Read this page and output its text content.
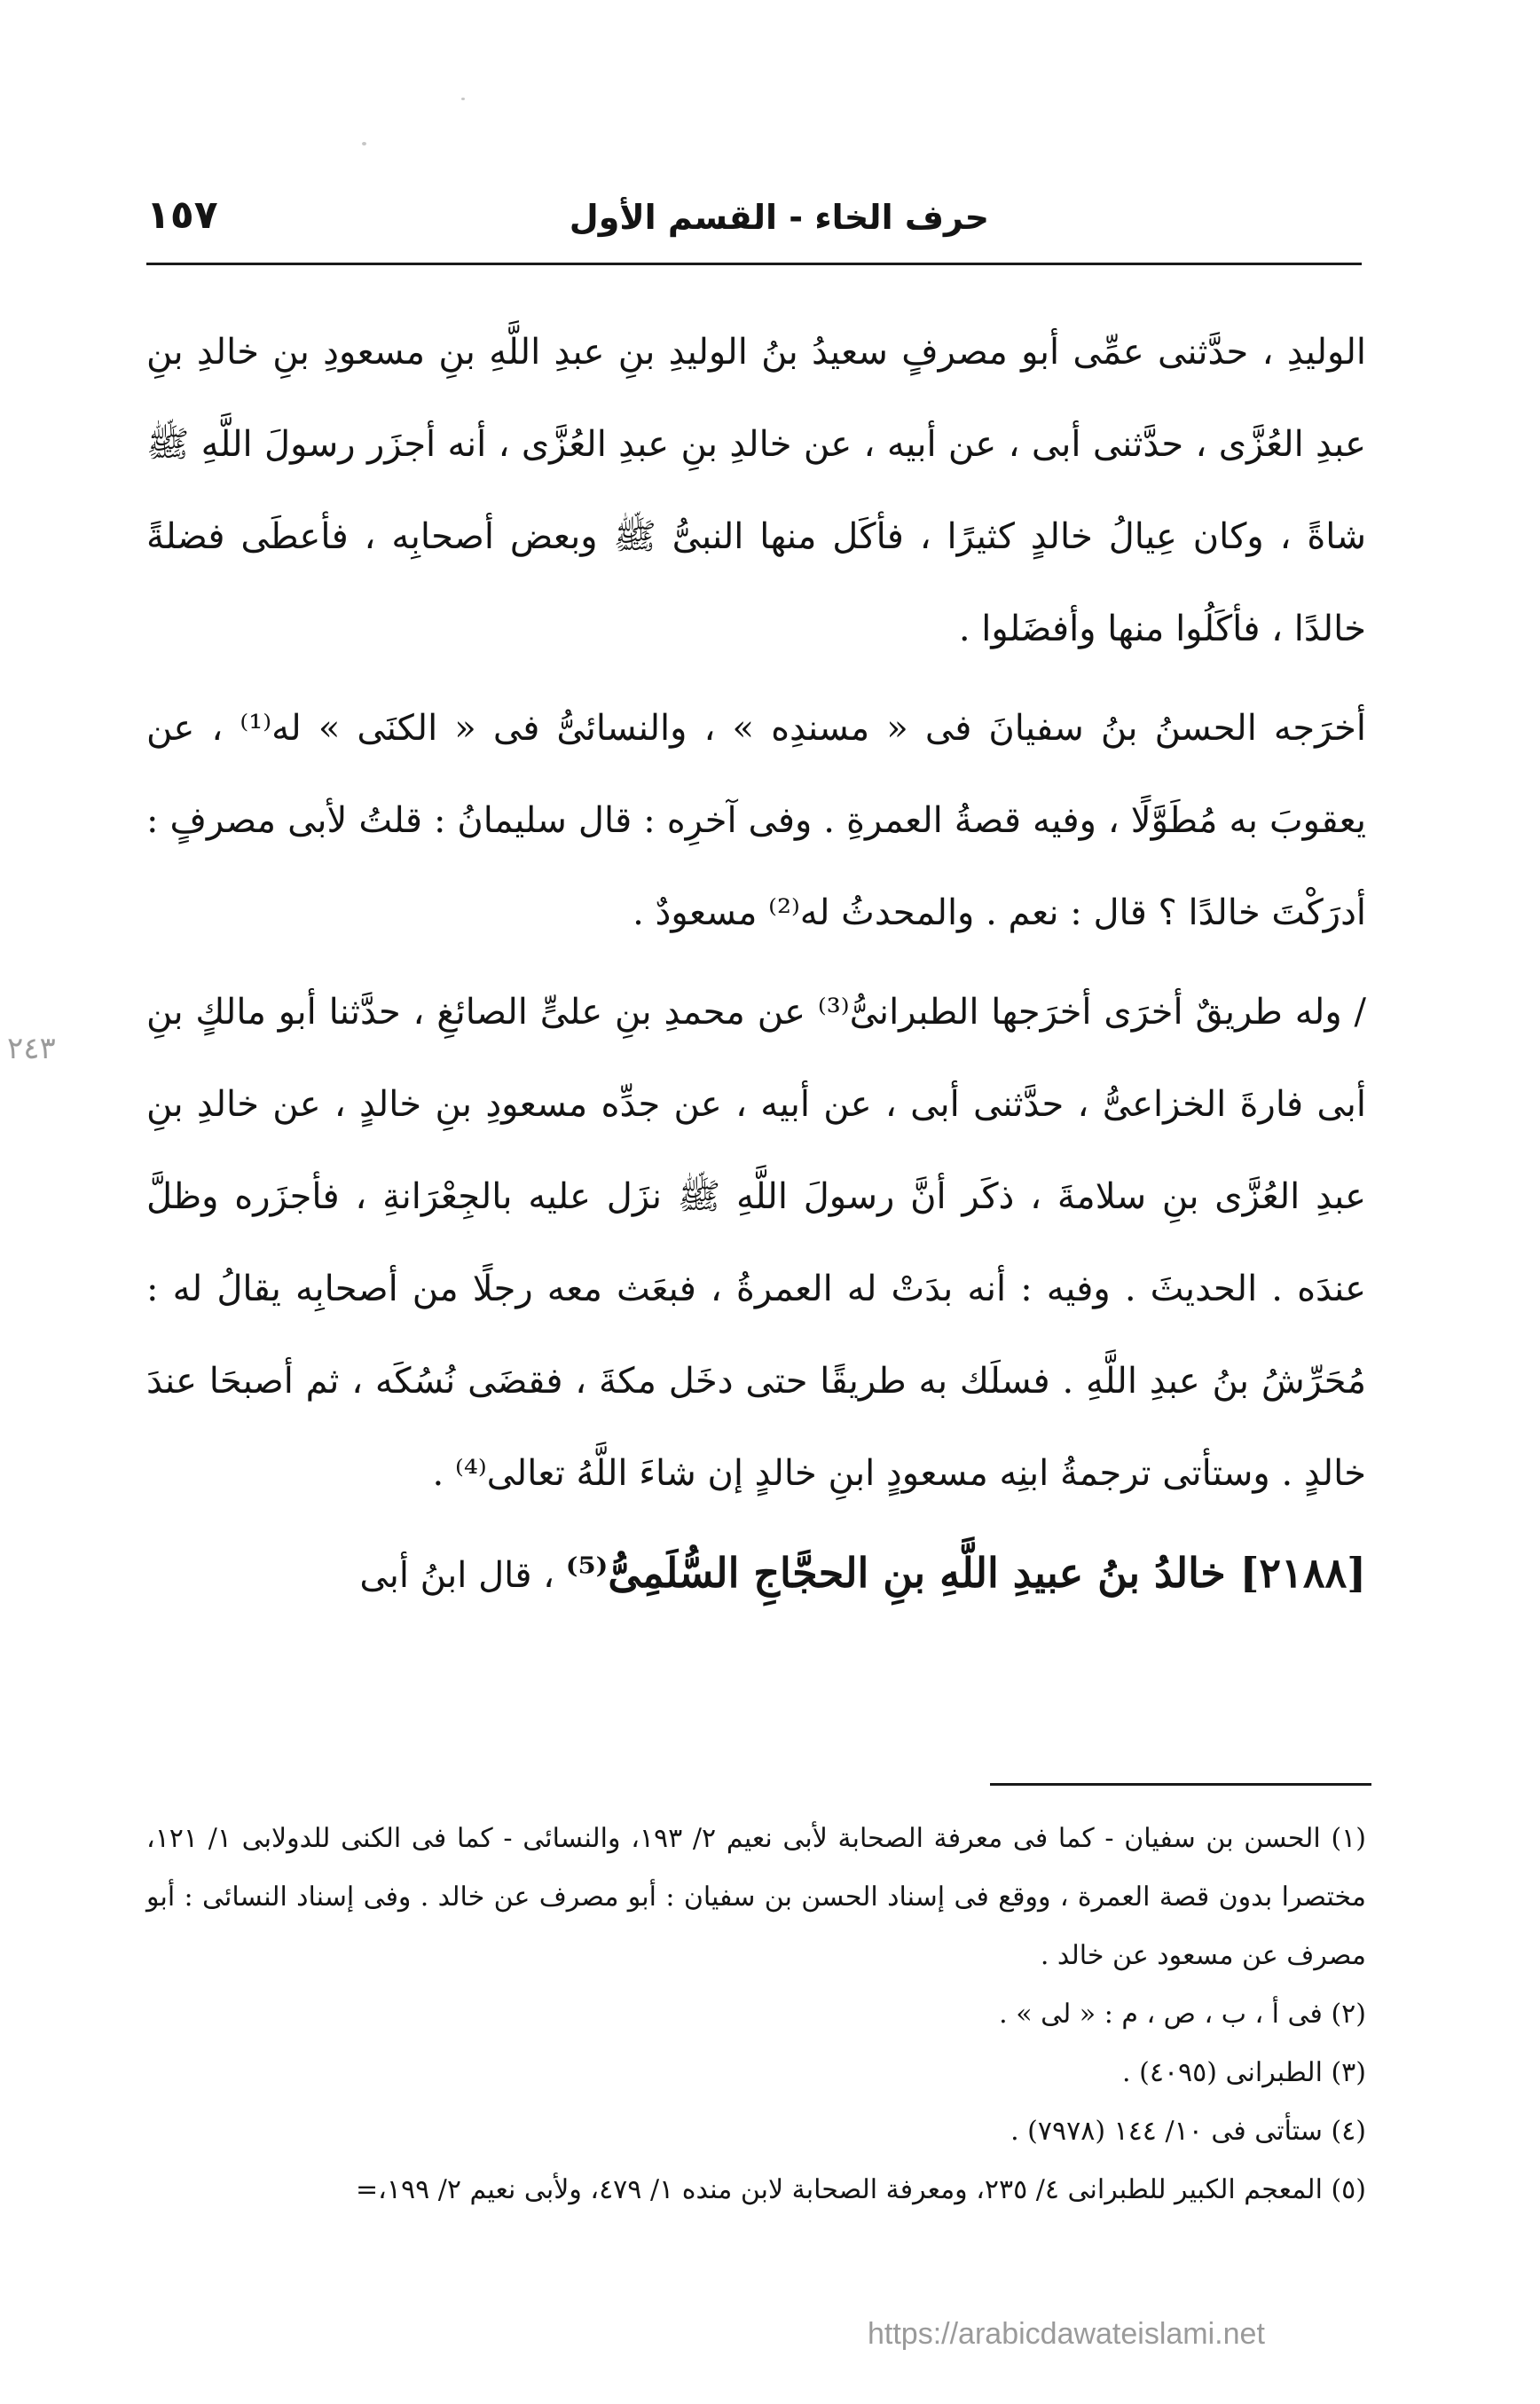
حرف الخاء - القسم الأول
١٥٧
٢٤٣

الوليدِ ، حدَّثنى عمِّى أبو مصرفٍ سعيدُ بنُ الوليدِ بنِ عبدِ اللَّهِ بنِ مسعودِ بنِ خالدِ بنِ عبدِ العُزَّى ، حدَّثنى أبى ، عن أبيه ، عن خالدِ بنِ عبدِ العُزَّى ، أنه أجزَر رسولَ اللَّهِ ﷺ شاةً ، وكان عِيالُ خالدٍ كثيرًا ، فأكَل منها النبىُّ ﷺ وبعض أصحابِه ، فأعطَى فضلةً خالدًا ، فأكَلُوا منها وأفضَلوا .

أخرَجه الحسنُ بنُ سفيانَ فى « مسندِه » ، والنسائىُّ فى « الكنَى » له⁽¹⁾ ، عن يعقوبَ به مُطَوَّلًا ، وفيه قصةُ العمرةِ . وفى آخرِه : قال سليمانُ : قلتُ لأبى مصرفٍ : أدرَكْتَ خالدًا ؟ قال : نعم . والمحدثُ له⁽²⁾ مسعودٌ .

/ وله طريقٌ أخرَى أخرَجها الطبرانىُّ⁽³⁾ عن محمدِ بنِ علىٍّ الصائغِ ، حدَّثنا أبو مالكٍ بنِ أبى فارةَ الخزاعىُّ ، حدَّثنى أبى ، عن أبيه ، عن جدِّه مسعودِ بنِ خالدٍ ، عن خالدِ بنِ عبدِ العُزَّى بنِ سلامةَ ، ذكَر أنَّ رسولَ اللَّهِ ﷺ نزَل عليه بالجِعْرَانةِ ، فأجزَره وظلَّ عندَه . الحديثَ . وفيه : أنه بدَتْ له العمرةُ ، فبعَث معه رجلًا من أصحابِه يقالُ له : مُحَرِّشُ بنُ عبدِ اللَّهِ . فسلَك به طريقًا حتى دخَل مكةَ ، فقضَى نُسُكَه ، ثم أصبحَا عندَ خالدٍ . وستأتى ترجمةُ ابنِه مسعودٍ ابنِ خالدٍ إن شاءَ اللَّهُ تعالى⁽⁴⁾ .

[٢١٨٨] خالدُ بنُ عبيدِ اللَّهِ بنِ الحجَّاجِ السُّلَمِىُّ⁽⁵⁾ ، قال ابنُ أبى

(١) الحسن بن سفيان - كما فى معرفة الصحابة لأبى نعيم ٢/ ١٩٣، والنسائى - كما فى الكنى للدولابى ١/ ١٢١، مختصرا بدون قصة العمرة ، ووقع فى إسناد الحسن بن سفيان : أبو مصرف عن خالد . وفى إسناد النسائى : أبو مصرف عن مسعود عن خالد .

(٢) فى أ ، ب ، ص ، م : « لى » .

(٣) الطبرانى (٤٠٩٥) .

(٤) ستأتى فى ١٠/ ١٤٤ (٧٩٧٨) .

(٥) المعجم الكبير للطبرانى ٤/ ٢٣٥، ومعرفة الصحابة لابن منده ١/ ٤٧٩، ولأبى نعيم ٢/ ١٩٩،=

https://arabicdawateislami.net
